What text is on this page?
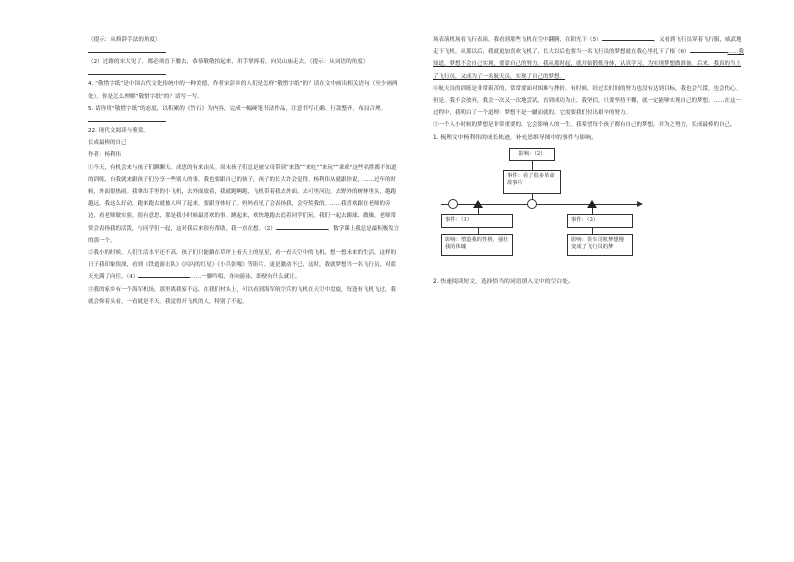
（提示：从修辞手法的角度）

（2）过路的宋大见了，都必须直下腰去，恭恭敬敬拾起来，用手掌捧着，向吴山庙走去。（提示：从词语的角度）

4. “敬惜字纸”是中国古代文化传统中的一种美德，作者宋彭乡的人们是怎样“敬惜字纸”的？请在文中画出相关语句（至少画两处）。你是怎么理解“敬惜字纸”的？请写一写。

5. 请你用“敬惜字纸”的态度，以积累的《竹石》为内容，完成一幅硬笔书法作品，注意书写正确、行款整齐，布局合理。

22. 现代文阅读与鉴赏。

长成最棒的自己

作者：杨利伟

①今天，有机会来与孩子们聊聊天。成思的有来由头。周末孩子们总是被父母带到“来钱”“来吃”“来玩”“乖乖”这些名胜都不知道的训练，自我就来跟孩子们分享一些别人的事，我也要跟自己的孩子，孩子的长大许会觉得。杨利伟从就跟你说，……过年的时候，外面很热闹。我拿出手里的小飞机，去外面放着，我就跑啊跑，飞机带着我去外面。去可里河边，去野外的树林里头，越跑越远。我这么好动，跑来跑去就被人叫了起来，要跟身体好了。妈妈看见了会表扬我，会夸奖我的。……我喜欢跟在老师的旁边，看老师做实验。很有意思，那是我小时候最喜欢的事。跳起来，欢快地跑去追着同学们玩。我们一起去踢球、做操，老师常常会表扬我的活泼，与同学们一起，这对我后来很有帮助，我一直在想。（2）	，数学课上我总是最积极发言的那一个。

②我小的时候，人们生活水平还不高，孩子们只能躺在草坪上看天上的星星，看一看天空中的飞机，想一想未来的生活。这样的日子我印象很深，看到《铁道游击队》《闪闪的红星》《小兵张嘎》等影片，更是激动不已，这时，我就梦想当一名飞行员，对蓝天充满了向往。（4）	……一脚吟唱，身向游泳，即便有什么就让。

③我的家乡有一个海军机场，那里离我家不远。在我们村头上，可以看到海军航空兵的飞机在天空中盘旋，每逢有飞机飞过，我就会仰着头看，一看就是半天。我觉得开飞机的人，特别了不起。

场表演机场看飞行表演。我看到那些飞机在空中翻腾，在阳光下（5）	，又看到飞行员穿着飞行服，威武地走下飞机。从那以后，我就更加喜欢飞机了，长大以后也要当一名飞行员的梦想就在我心里扎下了根（6）	……我知道，梦想不会自己实现，要靠自己的努力。我从那时起，就开始锻炼身体，认真学习，为实现梦想做准备。后来，我真的当上了飞行员，又成为了一名航天员，实现了自己的梦想。

④航天员的训练是非常艰苦的，常常要面对困难与挫折。有时候，经过长时间的努力也没有达到目标，我也会气馁，也会伤心。但是，我不会放弃，我会一次又一次地尝试，直到成功为止。我坚信，只要坚持不懈，就一定能够实现自己的梦想。……在这一过程中，我明白了一个道理：梦想不是一蹴而就的，它需要我们付出艰辛的努力。

⑤一个人小时候的梦想是非常重要的，它会影响人的一生。我希望每个孩子都有自己的梦想，并为之努力，长成最棒的自己。

1. 梳理文中杨利伟的成长轨迹，补充思维导图中的事件与影响。

影响：（2）
事件：看了很多革命故事片
事件：（1）	事件：（3）
影响：塑造我的性格，强壮我的体魄
影响：货车司机梦想慢变成了飞行员的梦

2. 快速阅读短文，选择恰当的词语填入文中的空白处。
